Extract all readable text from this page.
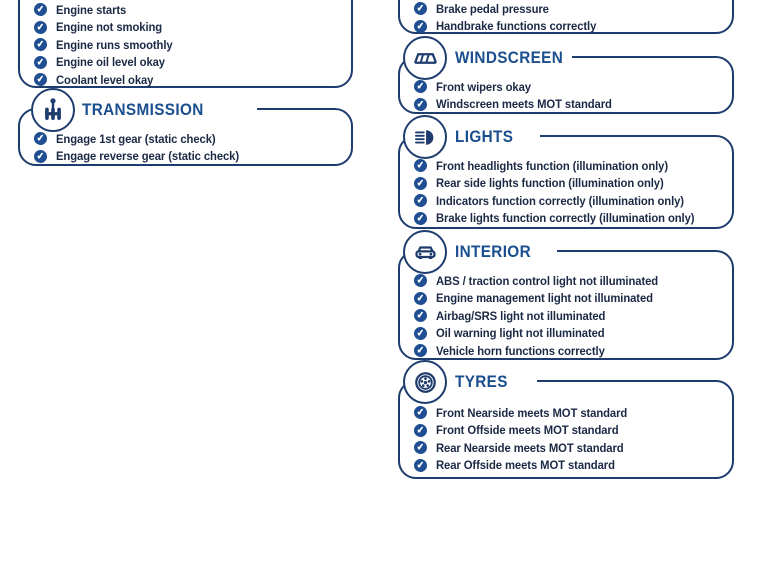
✔ Engine starts
✔ Engine not smoking
✔ Engine runs smoothly
✔ Engine oil level okay
✔ Coolant level okay
TRANSMISSION
✔ Engage 1st gear (static check)
✔ Engage reverse gear (static check)
✔ Brake pedal pressure
✔ Handbrake functions correctly
WINDSCREEN
✔ Front wipers okay
✔ Windscreen meets MOT standard
LIGHTS
✔ Front headlights function (illumination only)
✔ Rear side lights function (illumination only)
✔ Indicators function correctly (illumination only)
✔ Brake lights function correctly (illumination only)
INTERIOR
✔ ABS / traction control light not illuminated
✔ Engine management light not illuminated
✔ Airbag/SRS light not illuminated
✔ Oil warning light not illuminated
✔ Vehicle horn functions correctly
TYRES
✔ Front Nearside meets MOT standard
✔ Front Offside meets MOT standard
✔ Rear Nearside meets MOT standard
✔ Rear Offside meets MOT standard
